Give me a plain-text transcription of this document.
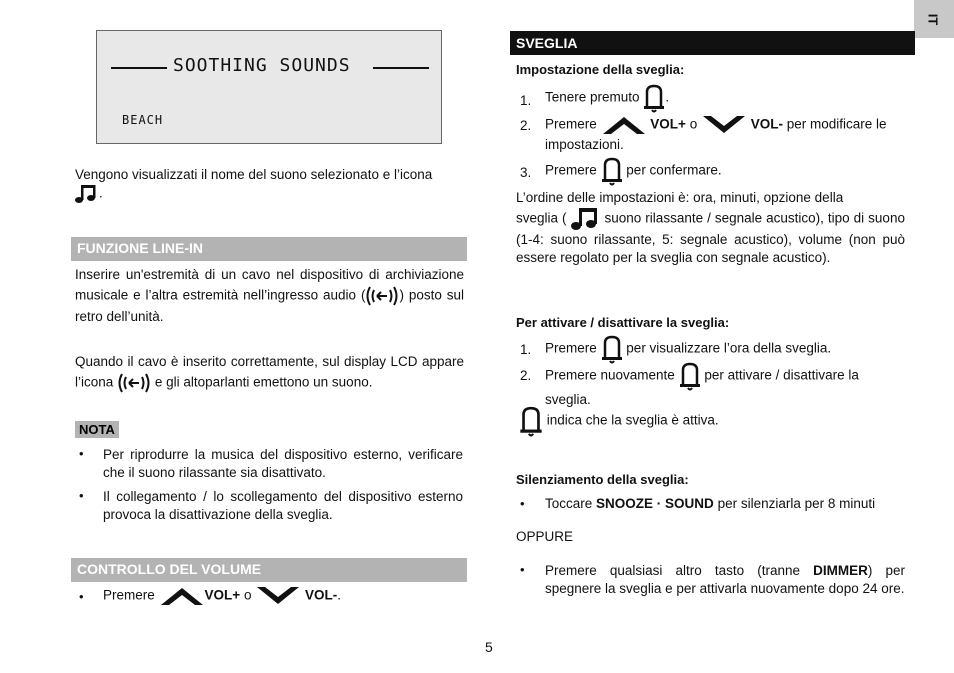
IT
SOOTHING SOUNDS
BEACH
Vengono visualizzati il nome del suono selezionato e l’icona
.
FUNZIONE LINE-IN
Inserire un'estremità di un cavo nel dispositivo di archiviazione musicale e l’altra estremità nell’ingresso audio (	) posto sul retro dell’unità.
Quando il cavo è inserito correttamente, sul display LCD appare l’icona	e gli altoparlanti emettono un suono.
NOTA
• Per riprodurre la musica del dispositivo esterno, verificare che il suono rilassante sia disattivato.
• Il collegamento / lo scollegamento del dispositivo esterno provoca la disattivazione della sveglia.
CONTROLLO DEL VOLUME
• Premere	VOL+ o	VOL-.
SVEGLIA
Impostazione della sveglia:
1. Tenere premuto .
2. Premere	VOL+ o	VOL- per modificare le
impostazioni.
3. Premere per confermare.
L’ordine delle impostazioni è: ora, minuti, opzione della
sveglia (	suono rilassante / segnale acustico), tipo di suono (1-4: suono rilassante, 5: segnale acustico), volume (non può essere regolato per la sveglia con segnale acustico).
Per attivare / disattivare la sveglia:
1. Premere per visualizzare l’ora della sveglia.
2. Premere nuovamente per attivare / disattivare la
sveglia.
indica che la sveglia è attiva.
Silenziamento della sveglia:
• Toccare SNOOZE · SOUND per silenziarla per 8 minuti
OPPURE
• Premere qualsiasi altro tasto (tranne DIMMER) per spegnere la sveglia e per attivarla nuovamente dopo 24 ore.
5
